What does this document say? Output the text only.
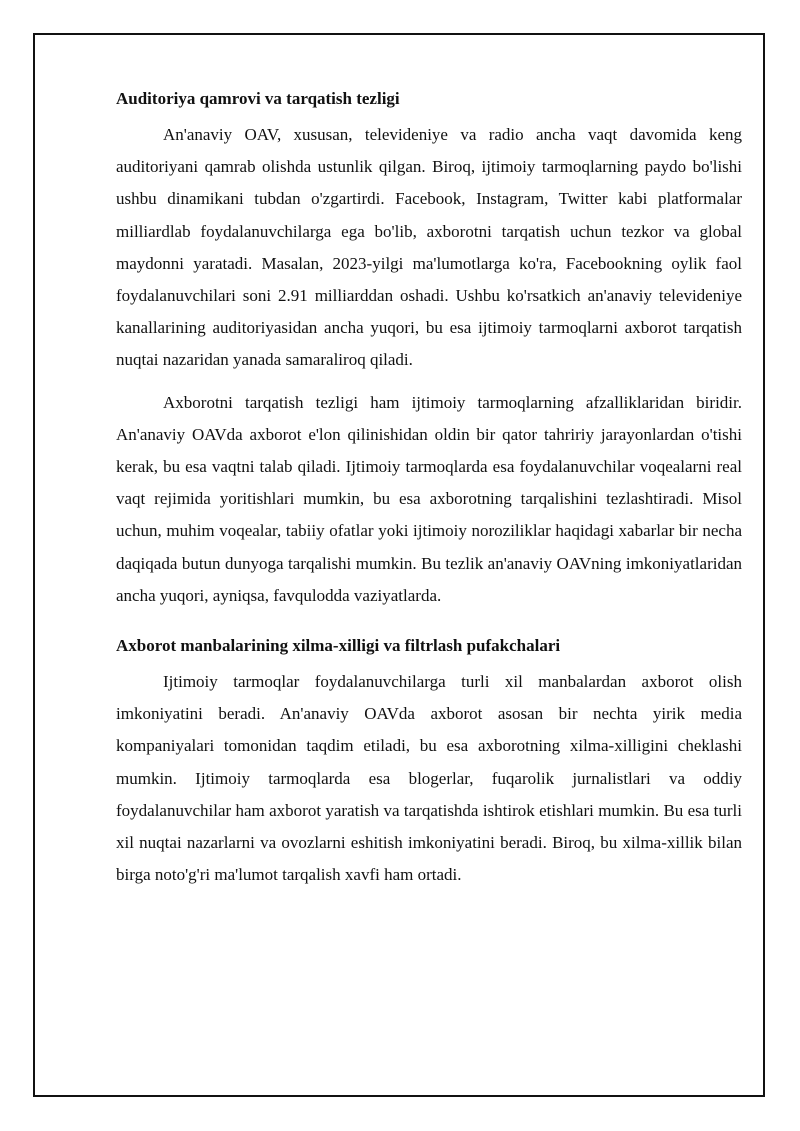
Auditoriya qamrovi va tarqatish tezligi

An'anaviy OAV, xususan, televideniye va radio ancha vaqt davomida keng auditoriyani qamrab olishda ustunlik qilgan. Biroq, ijtimoiy tarmoqlarning paydo bo'lishi ushbu dinamikani tubdan o'zgartirdi. Facebook, Instagram, Twitter kabi platformalar milliardlab foydalanuvchilarga ega bo'lib, axborotni tarqatish uchun tezkor va global maydonni yaratadi. Masalan, 2023-yilgi ma'lumotlarga ko'ra, Facebookning oylik faol foydalanuvchilari soni 2.91 milliarddan oshadi. Ushbu ko'rsatkich an'anaviy televideniye kanallarining auditoriyasidan ancha yuqori, bu esa ijtimoiy tarmoqlarni axborot tarqatish nuqtai nazaridan yanada samaraliroq qiladi.

Axborotni tarqatish tezligi ham ijtimoiy tarmoqlarning afzalliklaridan biridir. An'anaviy OAVda axborot e'lon qilinishidan oldin bir qator tahririy jarayonlardan o'tishi kerak, bu esa vaqtni talab qiladi. Ijtimoiy tarmoqlarda esa foydalanuvchilar voqealarni real vaqt rejimida yoritishlari mumkin, bu esa axborotning tarqalishini tezlashtiradi. Misol uchun, muhim voqealar, tabiiy ofatlar yoki ijtimoiy noroziliklar haqidagi xabarlar bir necha daqiqada butun dunyoga tarqalishi mumkin. Bu tezlik an'anaviy OAVning imkoniyatlaridan ancha yuqori, ayniqsa, favqulodda vaziyatlarda.

Axborot manbalarining xilma-xilligi va filtrlash pufakchalari

Ijtimoiy tarmoqlar foydalanuvchilarga turli xil manbalardan axborot olish imkoniyatini beradi. An'anaviy OAVda axborot asosan bir nechta yirik media kompaniyalari tomonidan taqdim etiladi, bu esa axborotning xilma-xilligini cheklashi mumkin. Ijtimoiy tarmoqlarda esa blogerlar, fuqarolik jurnalistlari va oddiy foydalanuvchilar ham axborot yaratish va tarqatishda ishtirok etishlari mumkin. Bu esa turli xil nuqtai nazarlarni va ovozlarni eshitish imkoniyatini beradi. Biroq, bu xilma-xillik bilan birga noto'g'ri ma'lumot tarqalish xavfi ham ortadi.
